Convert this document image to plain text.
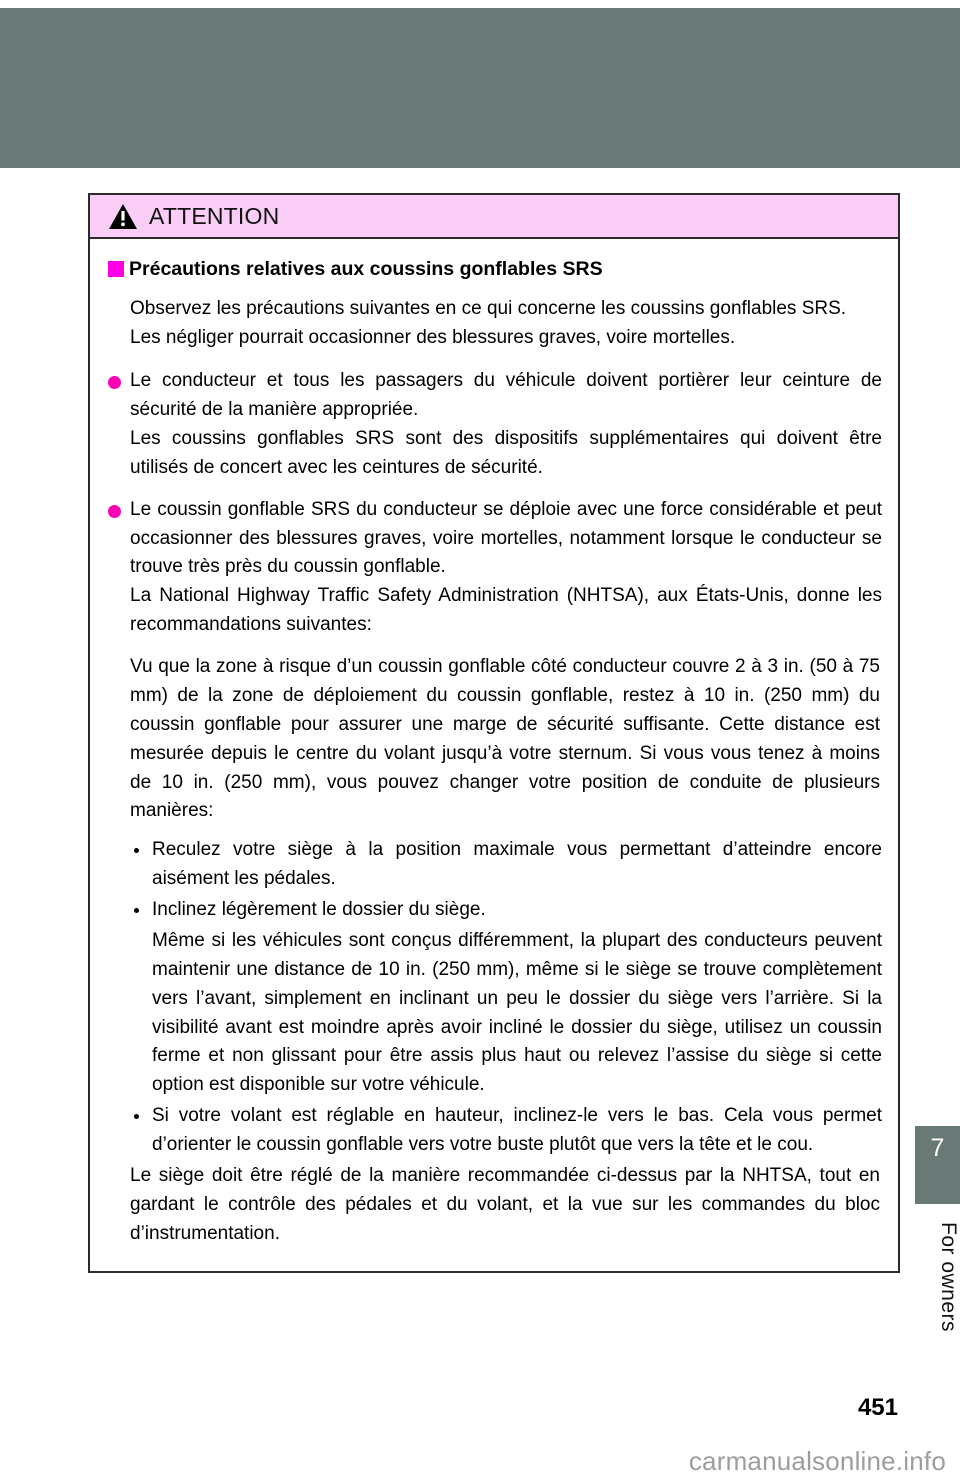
ATTENTION
Précautions relatives aux coussins gonflables SRS

Observez les précautions suivantes en ce qui concerne les coussins gonflables SRS.

Les négliger pourrait occasionner des blessures graves, voire mortelles.

Le conducteur et tous les passagers du véhicule doivent portièrer leur ceinture de sécurité de la manière appropriée.
Les coussins gonflables SRS sont des dispositifs supplémentaires qui doivent être utilisés de concert avec les ceintures de sécurité.
Le coussin gonflable SRS du conducteur se déploie avec une force considérable et peut occasionner des blessures graves, voire mortelles, notamment lorsque le conducteur se trouve très près du coussin gonflable.
La National Highway Traffic Safety Administration (NHTSA), aux États-Unis, donne les recommandations suivantes:

Vu que la zone à risque d’un coussin gonflable côté conducteur couvre 2 à 3 in. (50 à 75 mm) de la zone de déploiement du coussin gonflable, restez à 10 in. (250 mm) du coussin gonflable pour assurer une marge de sécurité suffisante. Cette distance est mesurée depuis le centre du volant jusqu’à votre sternum. Si vous vous tenez à moins de 10 in. (250 mm), vous pouvez changer votre position de conduite de plusieurs manières:

Reculez votre siège à la position maximale vous permettant d’atteindre encore aisément les pédales.
Inclinez légèrement le dossier du siège.
Même si les véhicules sont conçus différemment, la plupart des conducteurs peuvent maintenir une distance de 10 in. (250 mm), même si le siège se trouve complètement vers l’avant, simplement en inclinant un peu le dossier du siège vers l’arrière. Si la visibilité avant est moindre après avoir incliné le dossier du siège, utilisez un coussin ferme et non glissant pour être assis plus haut ou relevez l’assise du siège si cette option est disponible sur votre véhicule.
Si votre volant est réglable en hauteur, inclinez-le vers le bas. Cela vous permet d’orienter le coussin gonflable vers votre buste plutôt que vers la tête et le cou.
Le siège doit être réglé de la manière recommandée ci-dessus par la NHTSA, tout en gardant le contrôle des pédales et du volant, et la vue sur les commandes du bloc d’instrumentation.
7
For owners
451
carmanualsonline.info
